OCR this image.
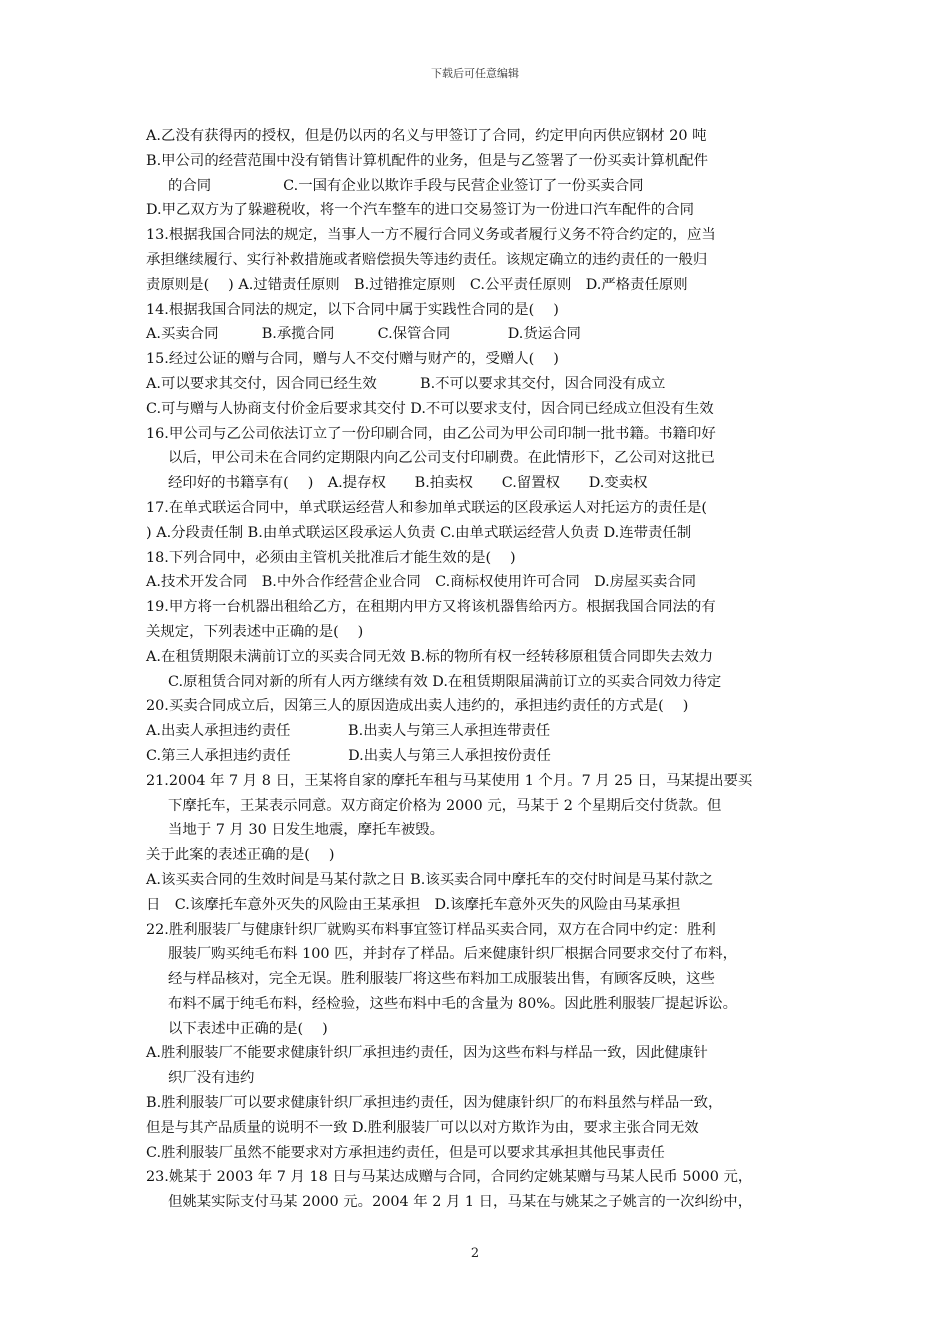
下载后可任意编辑
A.乙没有获得丙的授权，但是仍以丙的名义与甲签订了合同，约定甲向丙供应钢材 20 吨
B.甲公司的经营范围中没有销售计算机配件的业务，但是与乙签署了一份买卖计算机配件
的合同　　　　　C.一国有企业以欺诈手段与民营企业签订了一份买卖合同
D.甲乙双方为了躲避税收，将一个汽车整车的进口交易签订为一份进口汽车配件的合同
13.根据我国合同法的规定，当事人一方不履行合同义务或者履行义务不符合约定的，应当
承担继续履行、实行补救措施或者赔偿损失等违约责任。该规定确立的违约责任的一般归
责原则是(　 ) A.过错责任原则　B.过错推定原则　C.公平责任原则　D.严格责任原则
14.根据我国合同法的规定，以下合同中属于实践性合同的是(　 )
A.买卖合同　　　B.承揽合同　　　C.保管合同　　　　D.货运合同
15.经过公证的赠与合同，赠与人不交付赠与财产的，受赠人(　 )
A.可以要求其交付，因合同已经生效　　　B.不可以要求其交付，因合同没有成立
C.可与赠与人协商支付价金后要求其交付 D.不可以要求支付，因合同已经成立但没有生效
16.甲公司与乙公司依法订立了一份印刷合同，由乙公司为甲公司印制一批书籍。书籍印好
以后，甲公司未在合同约定期限内向乙公司支付印刷费。在此情形下，乙公司对这批已
经印好的书籍享有(　 )　A.提存权　　B.拍卖权　　C.留置权　　D.变卖权
17.在单式联运合同中，单式联运经营人和参加单式联运的区段承运人对托运方的责任是(
) A.分段责任制 B.由单式联运区段承运人负责 C.由单式联运经营人负责 D.连带责任制
18.下列合同中，必须由主管机关批准后才能生效的是(　 )
A.技术开发合同　B.中外合作经营企业合同　C.商标权使用许可合同　D.房屋买卖合同
19.甲方将一台机器出租给乙方，在租期内甲方又将该机器售给丙方。根据我国合同法的有
关规定，下列表述中正确的是(　 )
A.在租赁期限未满前订立的买卖合同无效 B.标的物所有权一经转移原租赁合同即失去效力
C.原租赁合同对新的所有人丙方继续有效 D.在租赁期限届满前订立的买卖合同效力待定
20.买卖合同成立后，因第三人的原因造成出卖人违约的，承担违约责任的方式是(　 )
A.出卖人承担违约责任　　　　B.出卖人与第三人承担连带责任
C.第三人承担违约责任　　　　D.出卖人与第三人承担按份责任
21.2004 年 7 月 8 日，王某将自家的摩托车租与马某使用 1 个月。7 月 25 日，马某提出要买
下摩托车，王某表示同意。双方商定价格为 2000 元，马某于 2 个星期后交付货款。但
当地于 7 月 30 日发生地震，摩托车被毁。
关于此案的表述正确的是(　 )
A.该买卖合同的生效时间是马某付款之日 B.该买卖合同中摩托车的交付时间是马某付款之
日　C.该摩托车意外灭失的风险由王某承担　D.该摩托车意外灭失的风险由马某承担
22.胜利服装厂与健康针织厂就购买布料事宜签订样品买卖合同，双方在合同中约定：胜利
服装厂购买纯毛布料 100 匹，并封存了样品。后来健康针织厂根据合同要求交付了布料，
经与样品核对，完全无误。胜利服装厂将这些布料加工成服装出售，有顾客反映，这些
布料不属于纯毛布料，经检验，这些布料中毛的含量为 80%。因此胜利服装厂提起诉讼。
以下表述中正确的是(　 )
A.胜利服装厂不能要求健康针织厂承担违约责任，因为这些布料与样品一致，因此健康针
织厂没有违约
B.胜利服装厂可以要求健康针织厂承担违约责任，因为健康针织厂的布料虽然与样品一致，
但是与其产品质量的说明不一致 D.胜利服装厂可以以对方欺诈为由，要求主张合同无效
C.胜利服装厂虽然不能要求对方承担违约责任，但是可以要求其承担其他民事责任
23.姚某于 2003 年 7 月 18 日与马某达成赠与合同，合同约定姚某赠与马某人民币 5000 元，
但姚某实际支付马某 2000 元。2004 年 2 月 1 日，马某在与姚某之子姚言的一次纠纷中，
2
